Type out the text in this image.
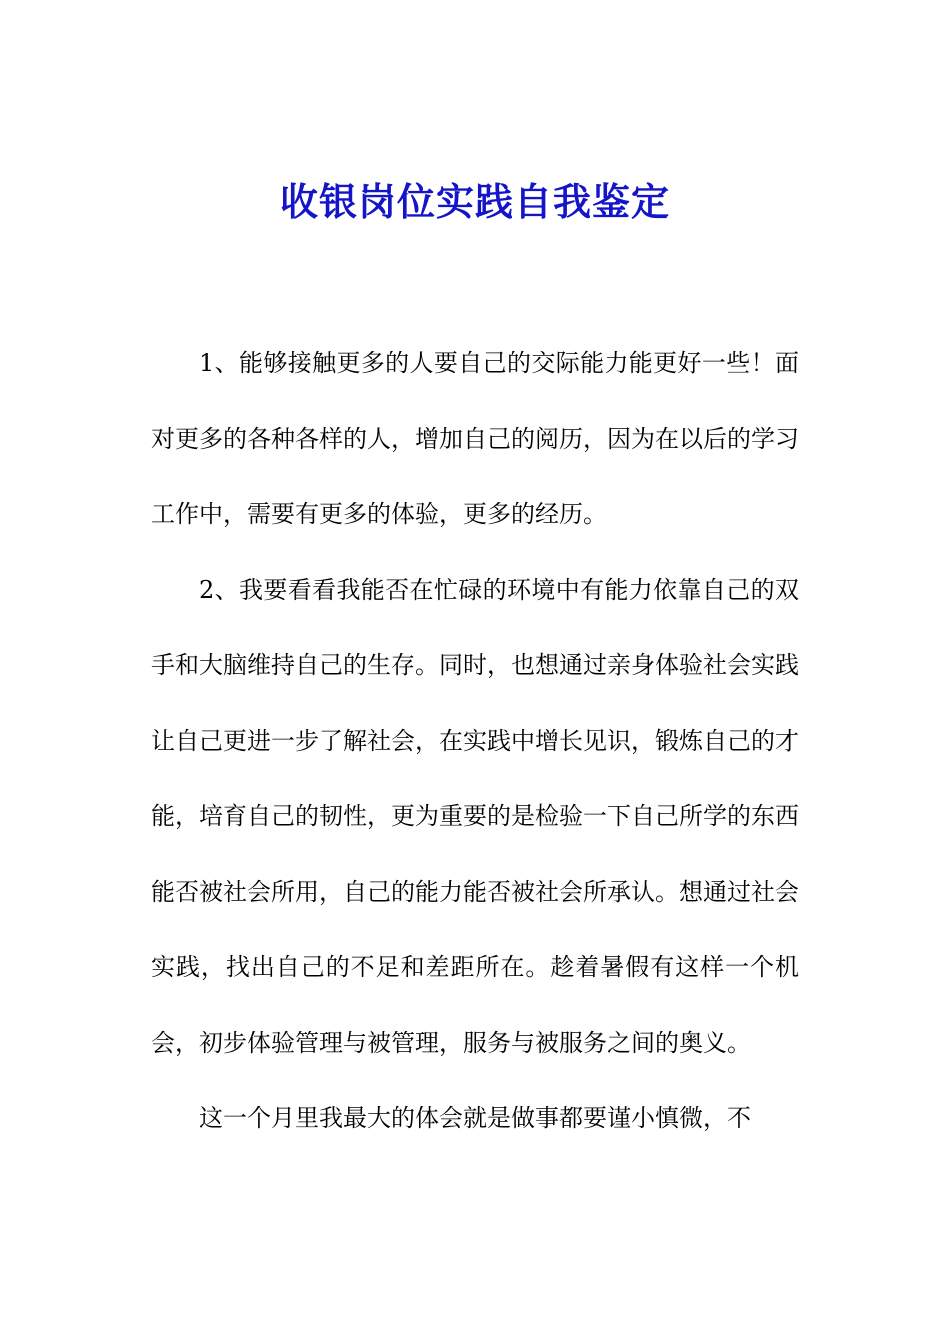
收银岗位实践自我鉴定

1、能够接触更多的人要自己的交际能力能更好一些！面对更多的各种各样的人，增加自己的阅历，因为在以后的学习工作中，需要有更多的体验，更多的经历。

2、我要看看我能否在忙碌的环境中有能力依靠自己的双手和大脑维持自己的生存。同时，也想通过亲身体验社会实践让自己更进一步了解社会，在实践中增长见识，锻炼自己的才能，培育自己的韧性，更为重要的是检验一下自己所学的东西能否被社会所用，自己的能力能否被社会所承认。想通过社会实践，找出自己的不足和差距所在。趁着暑假有这样一个机会，初步体验管理与被管理，服务与被服务之间的奥义。

这一个月里我最大的体会就是做事都要谨小慎微，不
